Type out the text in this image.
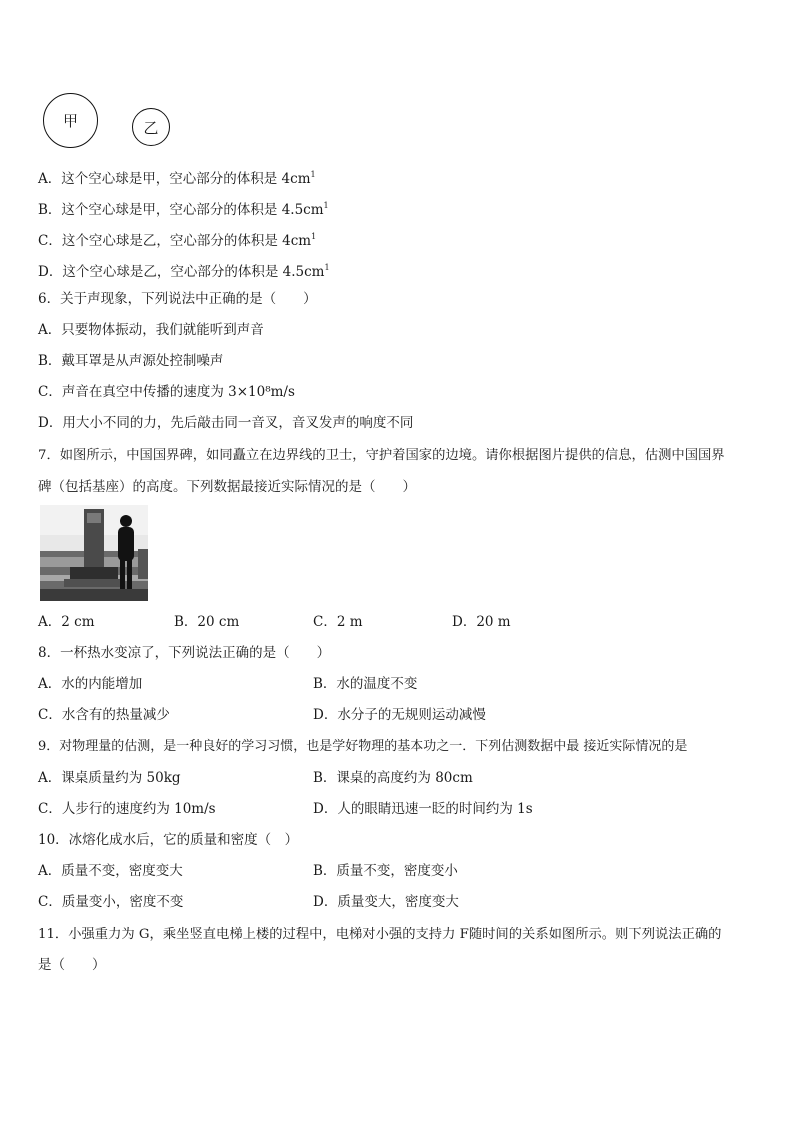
甲	乙
A．这个空心球是甲，空心部分的体积是 $4cm^1$
B．这个空心球是甲，空心部分的体积是 $4.5cm^1$
C．这个空心球是乙，空心部分的体积是 $4cm^1$
D．这个空心球是乙，空心部分的体积是 $4.5cm^1$
6．关于声现象，下列说法中正确的是（　　）
A．只要物体振动，我们就能听到声音
B．戴耳罩是从声源处控制噪声
C．声音在真空中传播的速度为 3×10⁸m/s
D．用大小不同的力，先后敲击同一音叉，音叉发声的响度不同
7．如图所示，中国国界碑，如同矗立在边界线的卫士，守护着国家的边境。请你根据图片提供的信息，估测中国国界
碑（包括基座）的高度。下列数据最接近实际情况的是（　　）
A．2 cm	B．20 cm	C．2 m	D．20 m
8．一杯热水变凉了，下列说法正确的是（　　）
A．水的内能增加	B．水的温度不变
C．水含有的热量减少	D．水分子的无规则运动减慢
9．对物理量的估测，是一种良好的学习习惯，也是学好物理的基本功之一．下列估测数据中最 接近实际情况的是
A．课桌质量约为 50kg	B．课桌的高度约为 80cm
C．人步行的速度约为 10m/s	D．人的眼睛迅速一眨的时间约为 1s
10．冰熔化成水后，它的质量和密度（　）
A．质量不变，密度变大	B．质量不变，密度变小
C．质量变小，密度不变	D．质量变大，密度变大
11．小强重力为 G，乘坐竖直电梯上楼的过程中，电梯对小强的支持力 F随时间的关系如图所示。则下列说法正确的
是（　　）
